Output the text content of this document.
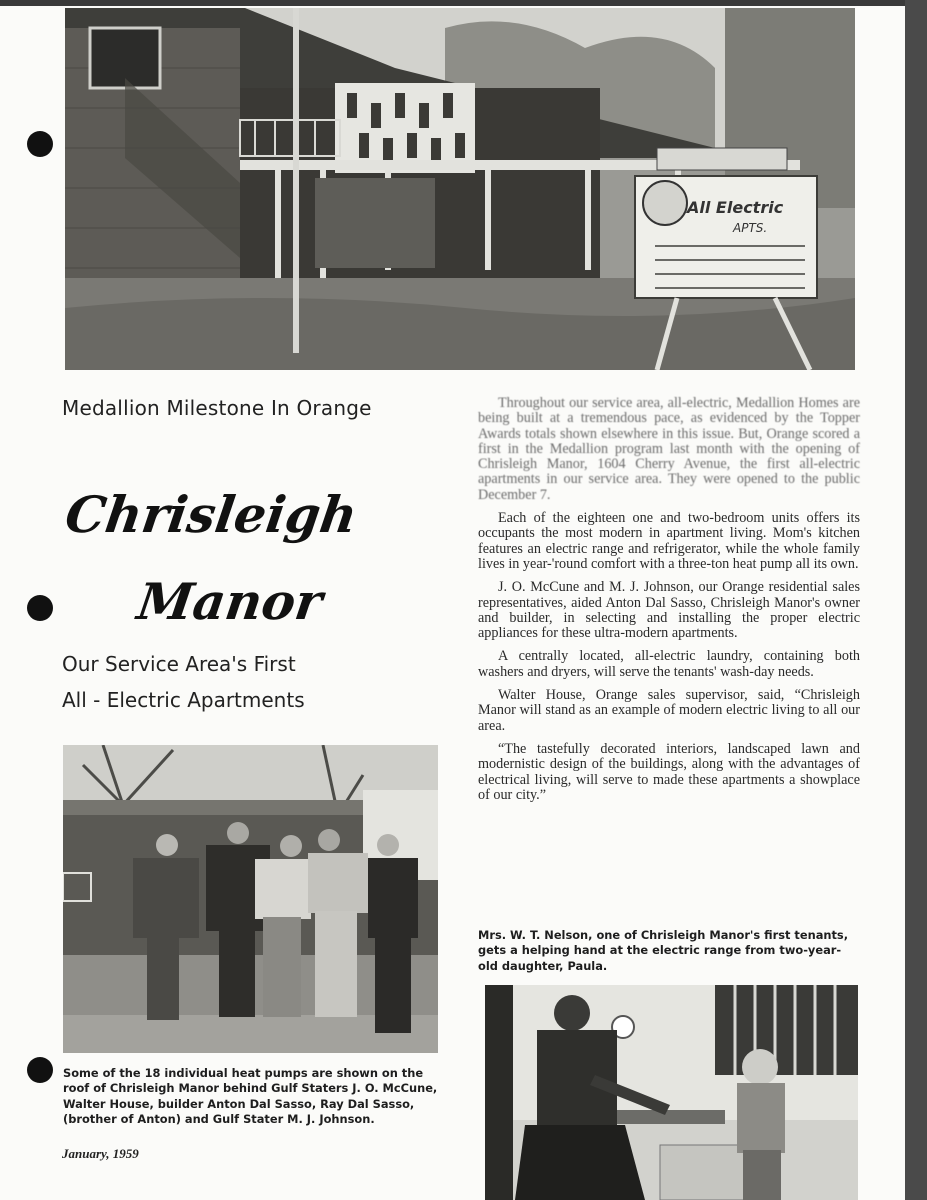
All Electric
APTS.
Medallion Milestone In Orange
Chrisleigh
Manor
Our Service Area's First
All - Electric Apartments

Throughout our service area, all-electric, Medallion Homes are being built at a tremendous pace, as evidenced by the Topper Awards totals shown elsewhere in this issue. But, Orange scored a first in the Medallion program last month with the opening of Chrisleigh Manor, 1604 Cherry Avenue, the first all-electric apartments in our service area. They were opened to the public December 7.

Each of the eighteen one and two-bedroom units offers its occupants the most modern in apartment living. Mom's kitchen features an electric range and refrigerator, while the whole family lives in year-'round comfort with a three-ton heat pump all its own.

J. O. McCune and M. J. Johnson, our Orange residential sales representatives, aided Anton Dal Sasso, Chrisleigh Manor's owner and builder, in selecting and installing the proper electric appliances for these ultra-modern apartments.

A centrally located, all-electric laundry, containing both washers and dryers, will serve the tenants' wash-day needs.

Walter House, Orange sales supervisor, said, “Chrisleigh Manor will stand as an example of modern electric living to all our area.

“The tastefully decorated interiors, landscaped lawn and modernistic design of the buildings, along with the advantages of electrical living, will serve to made these apartments a showplace of our city.”

Some of the 18 individual heat pumps are shown on the roof of Chrisleigh Manor behind Gulf Staters J. O. McCune, Walter House, builder Anton Dal Sasso, Ray Dal Sasso, (brother of Anton) and Gulf Stater M. J. Johnson.
Mrs. W. T. Nelson, one of Chrisleigh Manor's first tenants, gets a helping hand at the electric range from two-year-old daughter, Paula.
January, 1959
